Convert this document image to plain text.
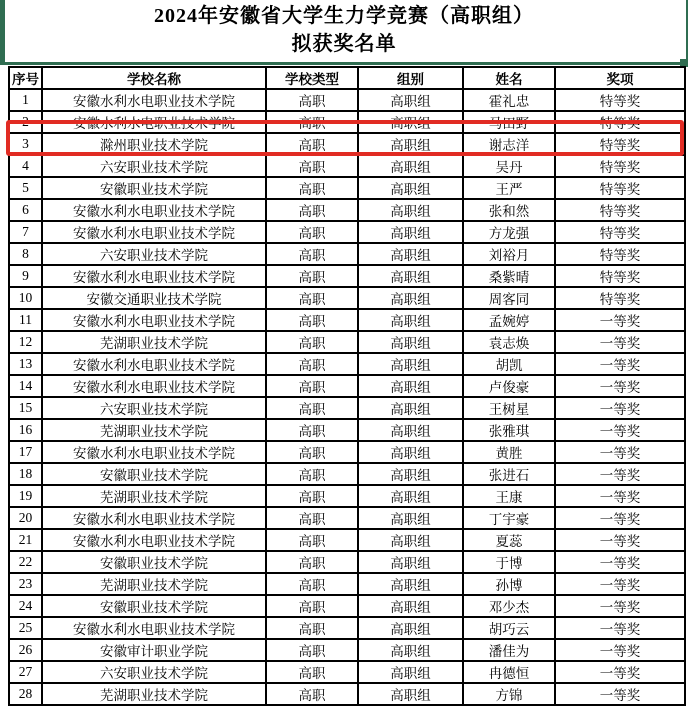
2024年安徽省大学生力学竞赛（高职组）
拟获奖名单
序号	学校名称	学校类型	组别	姓名	奖项
1	安徽水利水电职业技术学院	高职	高职组	霍礼忠	特等奖
2	安徽水利水电职业技术学院	高职	高职组	马田野	特等奖
3	滁州职业技术学院	高职	高职组	谢志洋	特等奖
4	六安职业技术学院	高职	高职组	吴丹	特等奖
5	安徽职业技术学院	高职	高职组	王严	特等奖
6	安徽水利水电职业技术学院	高职	高职组	张和然	特等奖
7	安徽水利水电职业技术学院	高职	高职组	方龙强	特等奖
8	六安职业技术学院	高职	高职组	刘裕月	特等奖
9	安徽水利水电职业技术学院	高职	高职组	桑紫晴	特等奖
10	安徽交通职业技术学院	高职	高职组	周客同	特等奖
11	安徽水利水电职业技术学院	高职	高职组	孟婉婷	一等奖
12	芜湖职业技术学院	高职	高职组	袁志焕	一等奖
13	安徽水利水电职业技术学院	高职	高职组	胡凯	一等奖
14	安徽水利水电职业技术学院	高职	高职组	卢俊豪	一等奖
15	六安职业技术学院	高职	高职组	王树星	一等奖
16	芜湖职业技术学院	高职	高职组	张雅琪	一等奖
17	安徽水利水电职业技术学院	高职	高职组	黄胜	一等奖
18	安徽职业技术学院	高职	高职组	张进石	一等奖
19	芜湖职业技术学院	高职	高职组	王康	一等奖
20	安徽水利水电职业技术学院	高职	高职组	丁宇豪	一等奖
21	安徽水利水电职业技术学院	高职	高职组	夏蕊	一等奖
22	安徽职业技术学院	高职	高职组	于博	一等奖
23	芜湖职业技术学院	高职	高职组	孙博	一等奖
24	安徽职业技术学院	高职	高职组	邓少杰	一等奖
25	安徽水利水电职业技术学院	高职	高职组	胡巧云	一等奖
26	安徽审计职业学院	高职	高职组	潘佳为	一等奖
27	六安职业技术学院	高职	高职组	冉德恒	一等奖
28	芜湖职业技术学院	高职	高职组	方锦	一等奖
